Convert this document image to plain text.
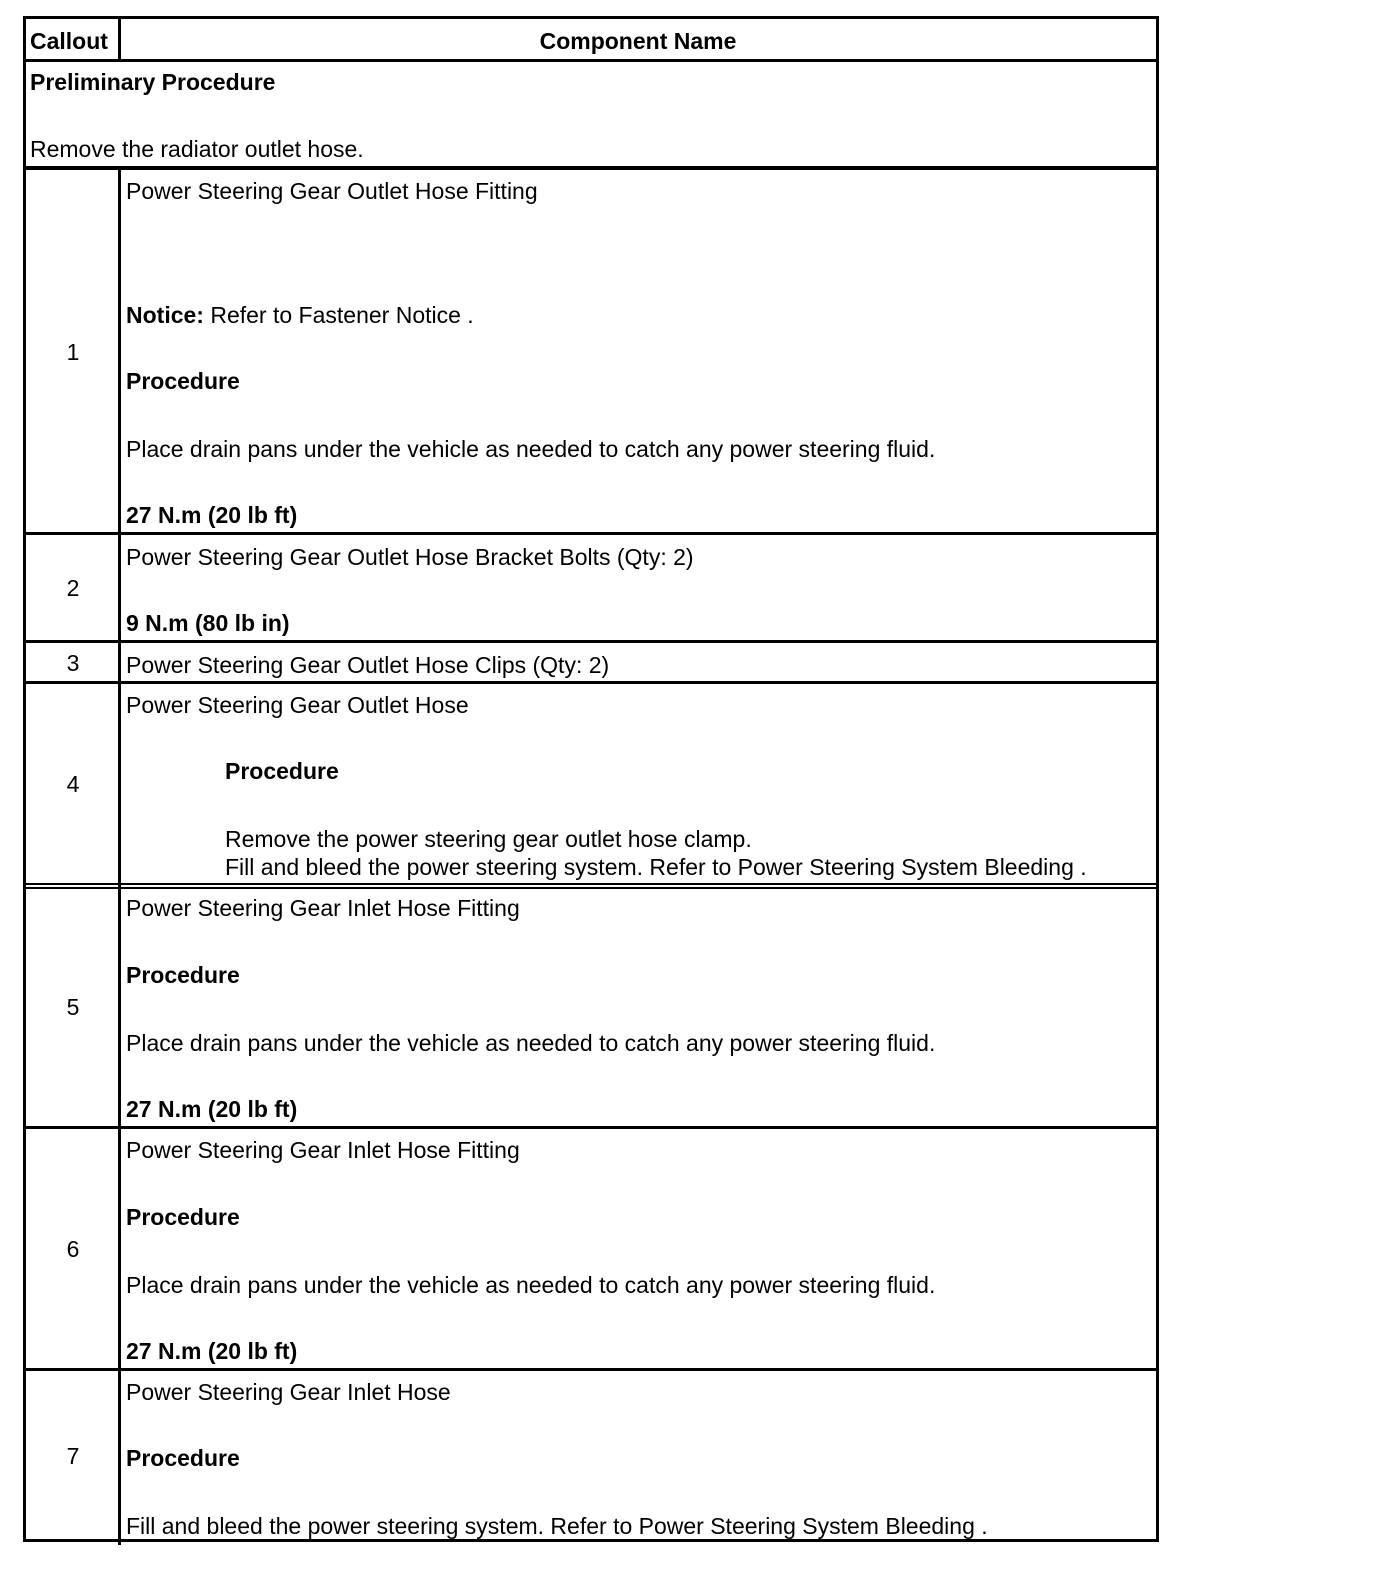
Callout	Component Name
Preliminary Procedure
Remove the radiator outlet hose.
1
Power Steering Gear Outlet Hose Fitting
Notice: Refer to Fastener Notice .
Procedure
Place drain pans under the vehicle as needed to catch any power steering fluid.
27 N.m (20 lb ft)
2
Power Steering Gear Outlet Hose Bracket Bolts (Qty: 2)
9 N.m (80 lb in)
3	Power Steering Gear Outlet Hose Clips (Qty: 2)
4
Power Steering Gear Outlet Hose
Procedure
Remove the power steering gear outlet hose clamp.
Fill and bleed the power steering system. Refer to Power Steering System Bleeding .
5
Power Steering Gear Inlet Hose Fitting
Procedure
Place drain pans under the vehicle as needed to catch any power steering fluid.
27 N.m (20 lb ft)
6
Power Steering Gear Inlet Hose Fitting
Procedure
Place drain pans under the vehicle as needed to catch any power steering fluid.
27 N.m (20 lb ft)
7
Power Steering Gear Inlet Hose
Procedure
Fill and bleed the power steering system. Refer to Power Steering System Bleeding .
